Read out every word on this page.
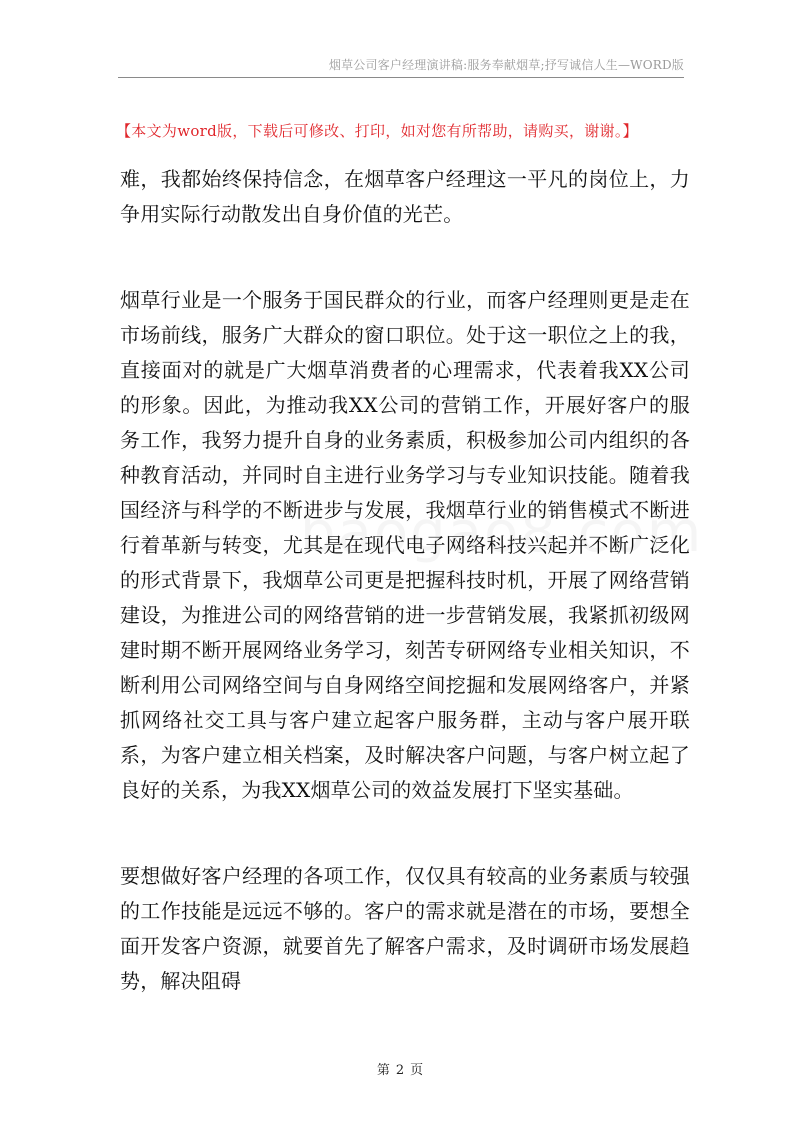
烟草公司客户经理演讲稿:服务奉献烟草;抒写诚信人生—WORD版
【本文为word版，下载后可修改、打印，如对您有所帮助，请购买，谢谢。】

难，我都始终保持信念，在烟草客户经理这一平凡的岗位上，力争用实际行动散发出自身价值的光芒。

烟草行业是一个服务于国民群众的行业，而客户经理则更是走在市场前线，服务广大群众的窗口职位。处于这一职位之上的我，直接面对的就是广大烟草消费者的心理需求，代表着我XX公司的形象。因此，为推动我XX公司的营销工作，开展好客户的服务工作，我努力提升自身的业务素质，积极参加公司内组织的各种教育活动，并同时自主进行业务学习与专业知识技能。随着我国经济与科学的不断进步与发展，我烟草行业的销售模式不断进行着革新与转变，尤其是在现代电子网络科技兴起并不断广泛化的形式背景下，我烟草公司更是把握科技时机，开展了网络营销建设，为推进公司的网络营销的进一步营销发展，我紧抓初级网建时期不断开展网络业务学习，刻苦专研网络专业相关知识，不断利用公司网络空间与自身网络空间挖掘和发展网络客户，并紧抓网络社交工具与客户建立起客户服务群，主动与客户展开联系，为客户建立相关档案，及时解决客户问题，与客户树立起了良好的关系，为我XX烟草公司的效益发展打下坚实基础。

要想做好客户经理的各项工作，仅仅具有较高的业务素质与较强的工作技能是远远不够的。客户的需求就是潜在的市场，要想全面开发客户资源，就要首先了解客户需求，及时调研市场发展趋势，解决阻碍

第 2 页
